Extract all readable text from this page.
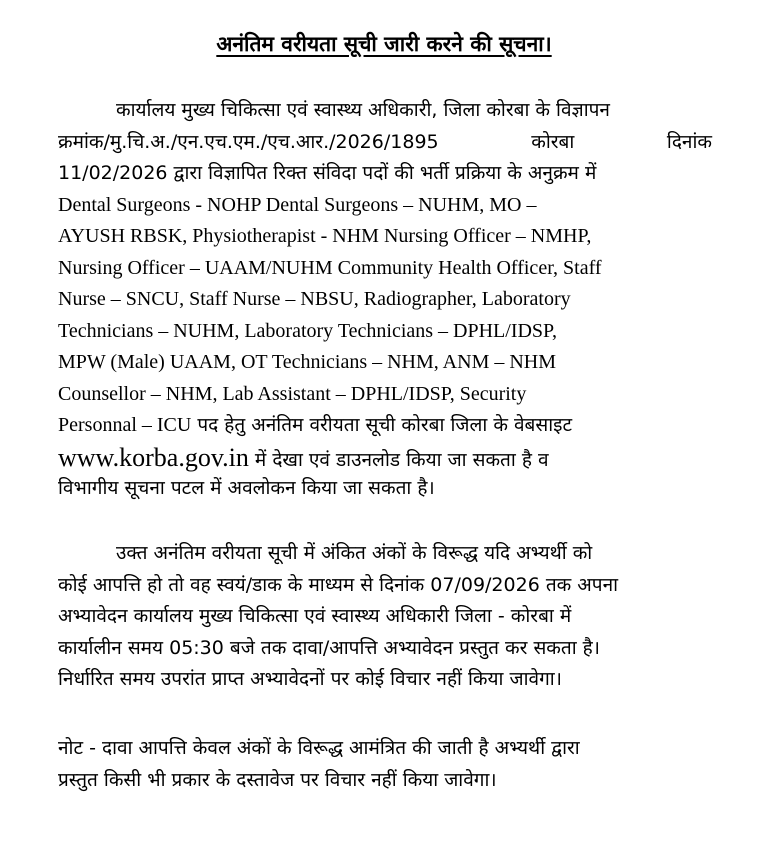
अनंतिम वरीयता सूची जारी करने की सूचना।
कार्यालय मुख्य चिकित्सा एवं स्वास्थ्य अधिकारी, जिला कोरबा के विज्ञापन
क्रमांक/मु.चि.अ./एन.एच.एम./एच.आर./2026/1895	कोरबा	दिनांक
11/02/2026 द्वारा विज्ञापित रिक्त संविदा पदों की भर्ती प्रक्रिया के अनुक्रम में
Dental Surgeons - NOHP Dental Surgeons – NUHM, MO –
AYUSH RBSK, Physiotherapist - NHM Nursing Officer – NMHP,
Nursing Officer – UAAM/NUHM Community Health Officer, Staff
Nurse – SNCU, Staff Nurse – NBSU, Radiographer, Laboratory
Technicians – NUHM, Laboratory Technicians – DPHL/IDSP,
MPW (Male) UAAM, OT Technicians – NHM, ANM – NHM
Counsellor – NHM, Lab Assistant – DPHL/IDSP, Security
Personnal – ICU पद हेतु अनंतिम वरीयता सूची कोरबा जिला के वेबसाइट
www.korba.gov.in में देखा एवं डाउनलोड किया जा सकता है व
विभागीय सूचना पटल में अवलोकन किया जा सकता है।
उक्त अनंतिम वरीयता सूची में अंकित अंकों के विरूद्ध यदि अभ्यर्थी को
कोई आपत्ति हो तो वह स्वयं/डाक के माध्यम से दिनांक 07/09/2026 तक अपना
अभ्यावेदन कार्यालय मुख्य चिकित्सा एवं स्वास्थ्य अधिकारी जिला - कोरबा में
कार्यालीन समय 05:30 बजे तक दावा/आपत्ति अभ्यावेदन प्रस्तुत कर सकता है।
निर्धारित समय उपरांत प्राप्त अभ्यावेदनों पर कोई विचार नहीं किया जावेगा।
नोट - दावा आपत्ति केवल अंकों के विरूद्ध आमंत्रित की जाती है अभ्यर्थी द्वारा
प्रस्तुत किसी भी प्रकार के दस्तावेज पर विचार नहीं किया जावेगा।
